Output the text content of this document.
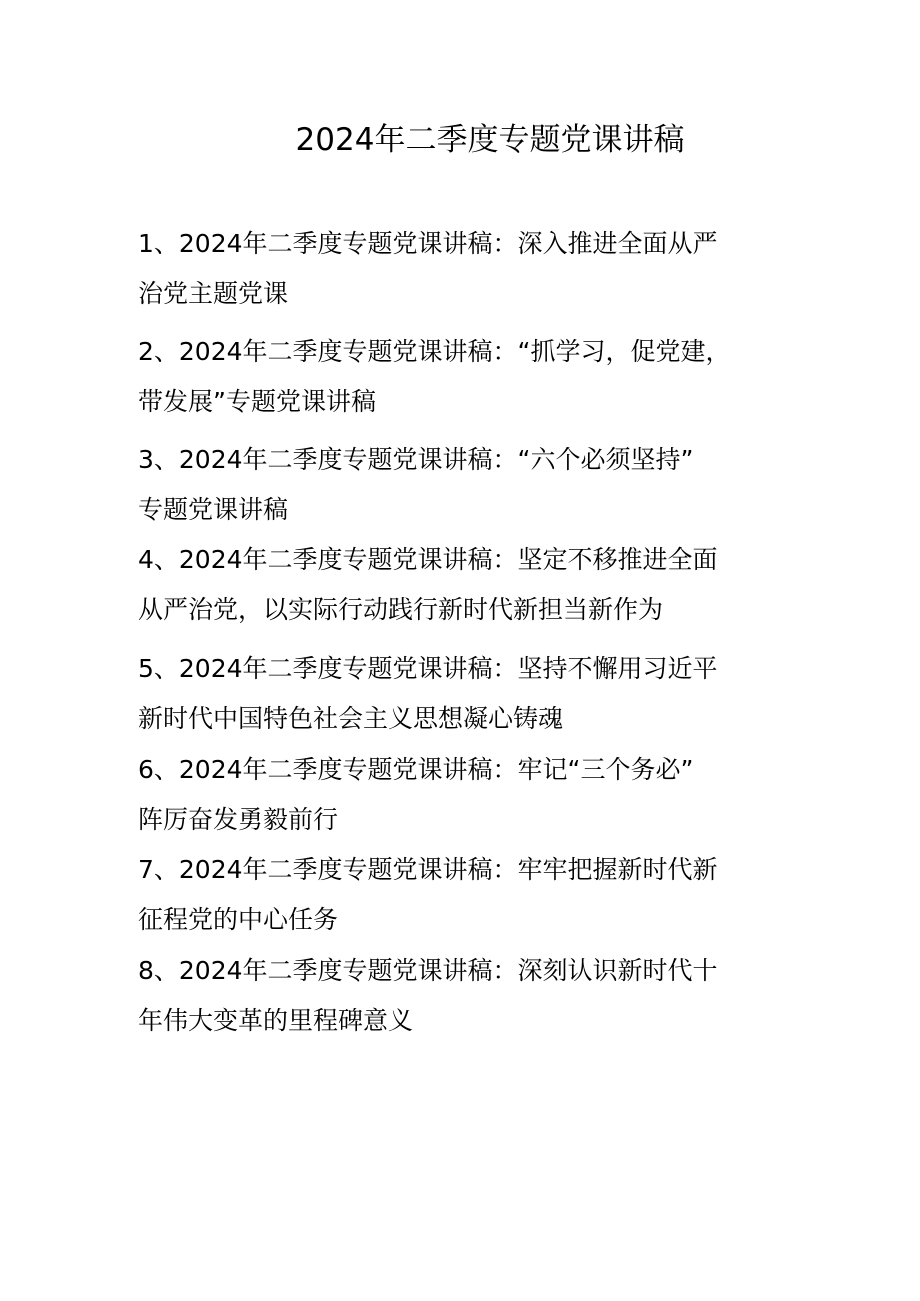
2024年二季度专题党课讲稿
1、2024年二季度专题党课讲稿：深入推进全面从严
治党主题党课
2、2024年二季度专题党课讲稿：“抓学习，促党建，
带发展”专题党课讲稿
3、2024年二季度专题党课讲稿：“六个必须坚持”
专题党课讲稿
4、2024年二季度专题党课讲稿：坚定不移推进全面
从严治党，以实际行动践行新时代新担当新作为
5、2024年二季度专题党课讲稿：坚持不懈用习近平
新时代中国特色社会主义思想凝心铸魂
6、2024年二季度专题党课讲稿：牢记“三个务必”
阵厉奋发勇毅前行
7、2024年二季度专题党课讲稿：牢牢把握新时代新
征程党的中心任务
8、2024年二季度专题党课讲稿：深刻认识新时代十
年伟大变革的里程碑意义
